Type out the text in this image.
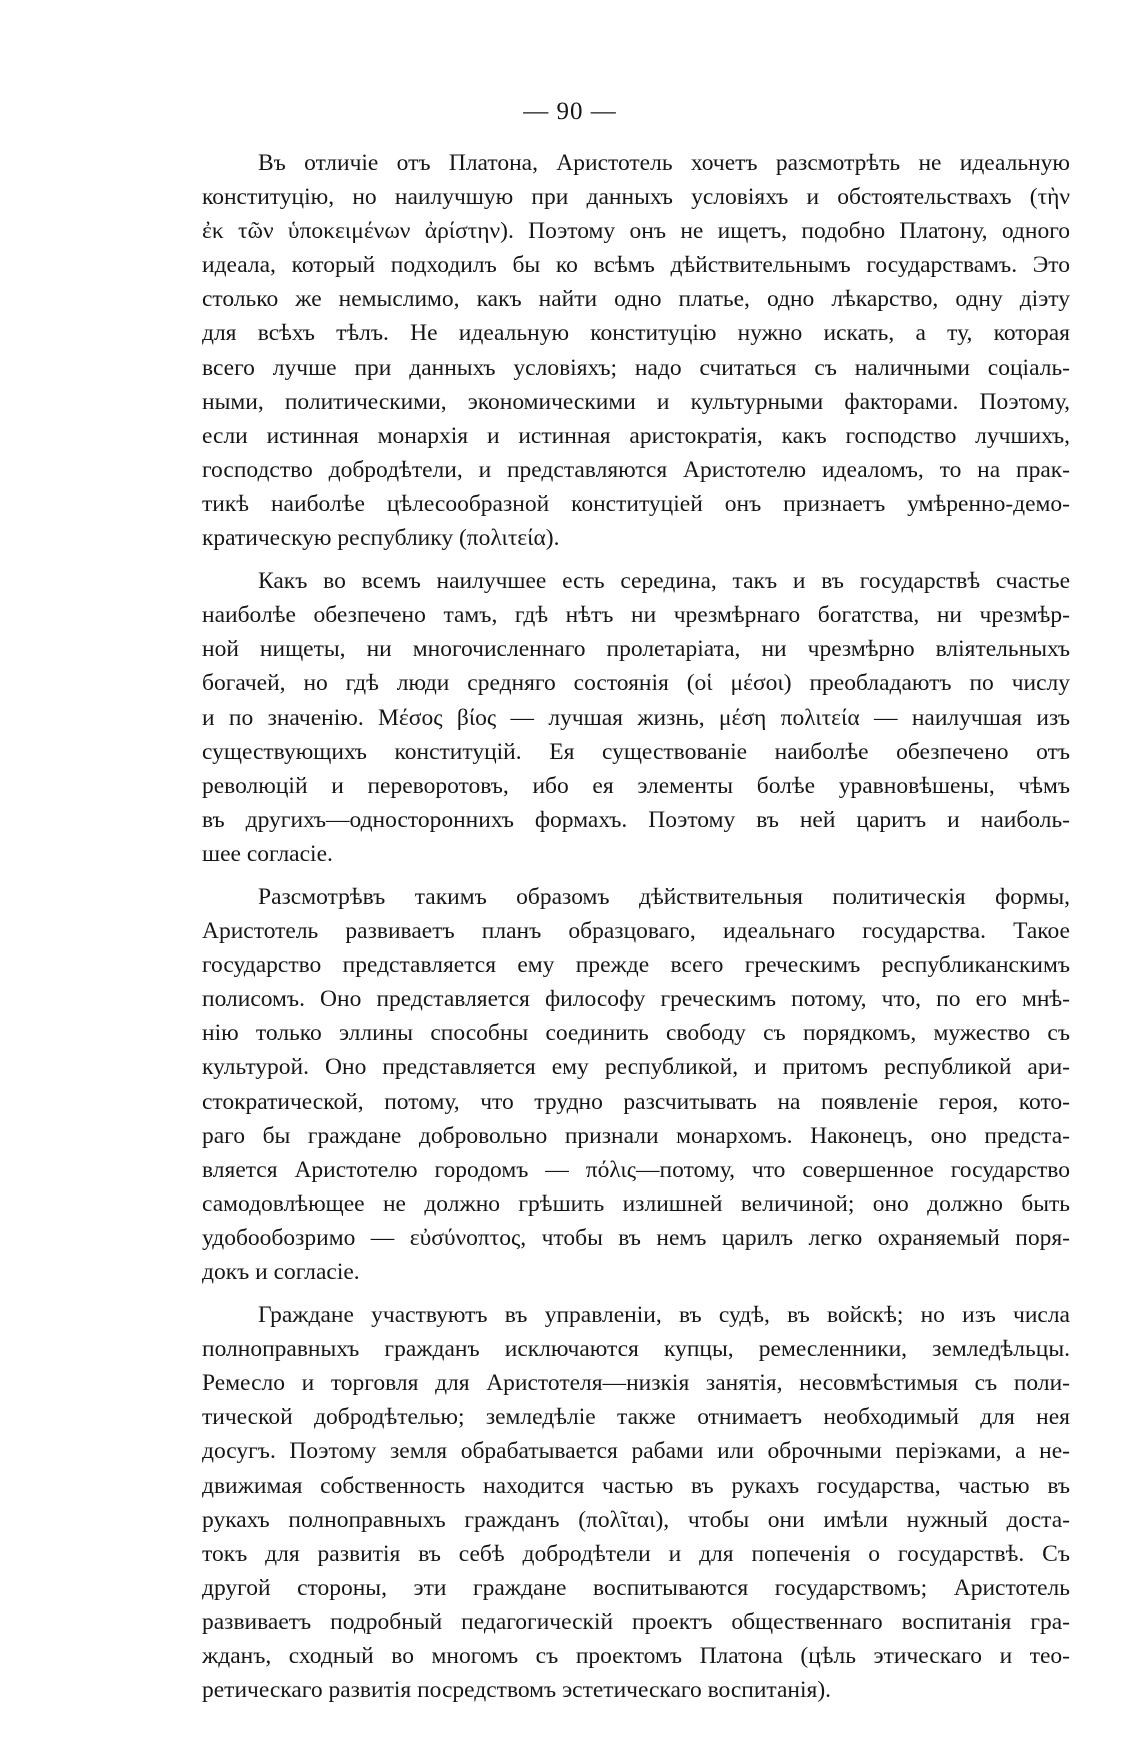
— 90 —
Въ отличіе отъ Платона, Аристотель хочетъ разсмотрѣть не идеальную
конституцію, но наилучшую при данныхъ условіяхъ и обстоятельствахъ (τὴν
ἐκ τῶν ὑποκειμένων ἀρίστην). Поэтому онъ не ищетъ, подобно Платону, одного
идеала, который подходилъ бы ко всѣмъ дѣйствительнымъ государствамъ. Это
столько же немыслимо, какъ найти одно платье, одно лѣкарство, одну діэту
для всѣхъ тѣлъ. Не идеальную конституцію нужно искать, а ту, которая
всего лучше при данныхъ условіяхъ; надо считаться съ наличными соціаль-
ными, политическими, экономическими и культурными факторами. Поэтому,
если истинная монархія и истинная аристократія, какъ господство лучшихъ,
господство добродѣтели, и представляются Аристотелю идеаломъ, то на прак-
тикѣ наиболѣе цѣлесообразной конституціей онъ признаетъ умѣренно-демо-
кратическую республику (πολιτεία).
Какъ во всемъ наилучшее есть середина, такъ и въ государствѣ счастье
наиболѣе обезпечено тамъ, гдѣ нѣтъ ни чрезмѣрнаго богатства, ни чрезмѣр-
ной нищеты, ни многочисленнаго пролетаріата, ни чрезмѣрно вліятельныхъ
богачей, но гдѣ люди средняго состоянія (οἱ μέσοι) преобладаютъ по числу
и по значенію. Μέσος βίος — лучшая жизнь, μέση πολιτεία — наилучшая изъ
существующихъ конституцій. Ея существованіе наиболѣе обезпечено отъ
революцій и переворотовъ, ибо ея элементы болѣе уравновѣшены, чѣмъ
въ другихъ—одностороннихъ формахъ. Поэтому въ ней царитъ и наиболь-
шее согласіе.
Разсмотрѣвъ такимъ образомъ дѣйствительныя политическія формы,
Аристотель развиваетъ планъ образцоваго, идеальнаго государства. Такое
государство представляется ему прежде всего греческимъ республиканскимъ
полисомъ. Оно представляется философу греческимъ потому, что, по его мнѣ-
нію только эллины способны соединить свободу съ порядкомъ, мужество съ
культурой. Оно представляется ему республикой, и притомъ республикой ари-
стократической, потому, что трудно разсчитывать на появленіе героя, кото-
раго бы граждане добровольно признали монархомъ. Наконецъ, оно предста-
вляется Аристотелю городомъ — πόλις—потому, что совершенное государство
самодовлѣющее не должно грѣшить излишней величиной; оно должно быть
удобообозримо — εὐσύνοπτος, чтобы въ немъ царилъ легко охраняемый поря-
докъ и согласіе.
Граждане участвуютъ въ управленіи, въ судѣ, въ войскѣ; но изъ числа
полноправныхъ гражданъ исключаются купцы, ремесленники, земледѣльцы.
Ремесло и торговля для Аристотеля—низкія занятія, несовмѣстимыя съ поли-
тической добродѣтелью; земледѣліе также отнимаетъ необходимый для нея
досугъ. Поэтому земля обрабатывается рабами или оброчными періэками, а не-
движимая собственность находится частью въ рукахъ государства, частью въ
рукахъ полноправныхъ гражданъ (πολῖται), чтобы они имѣли нужный доста-
токъ для развитія въ себѣ добродѣтели и для попеченія о государствѣ. Съ
другой стороны, эти граждане воспитываются государствомъ; Аристотель
развиваетъ подробный педагогическій проектъ общественнаго воспитанія гра-
жданъ, сходный во многомъ съ проектомъ Платона (цѣль этическаго и тео-
ретическаго развитія посредствомъ эстетическаго воспитанія).
